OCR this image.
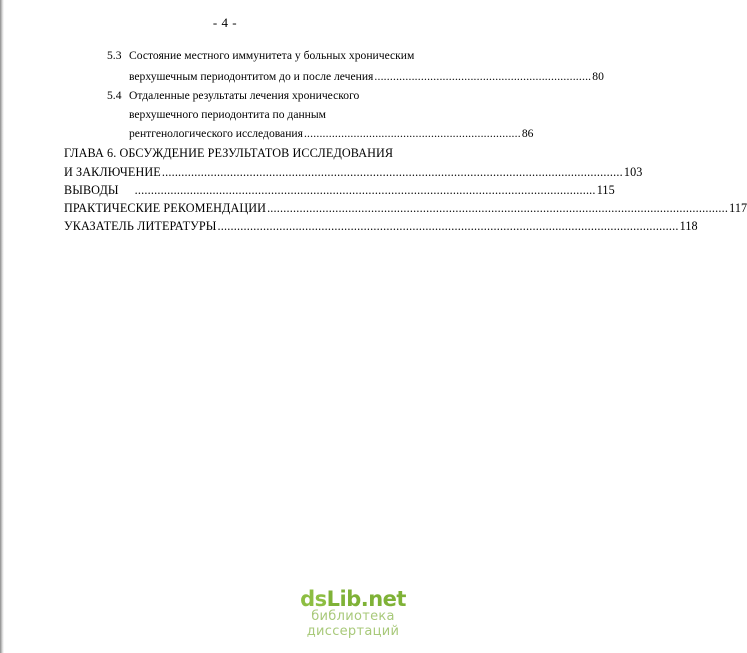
- 4 -
5.3 Состояние местного иммунитета у больных хроническим
верхушечным периодонтитом до и после лечения ...................................................................... 80
5.4 Отдаленные результаты лечения хронического
верхушечного периодонтита по данным
рентгенологического исследования ...................................................................... 86
ГЛАВА 6. ОБСУЖДЕНИЕ РЕЗУЛЬТАТОВ ИССЛЕДОВАНИЯ
И ЗАКЛЮЧЕНИЕ .............................................................................................................................................. 103
ВЫВОДЫ .............................................................................................................................................. 115
ПРАКТИЧЕСКИЕ РЕКОМЕНДАЦИИ .............................................................................................................................................. 117
УКАЗАТЕЛЬ ЛИТЕРАТУРЫ .............................................................................................................................................. 118
dsLib.net
библиотека диссертаций
